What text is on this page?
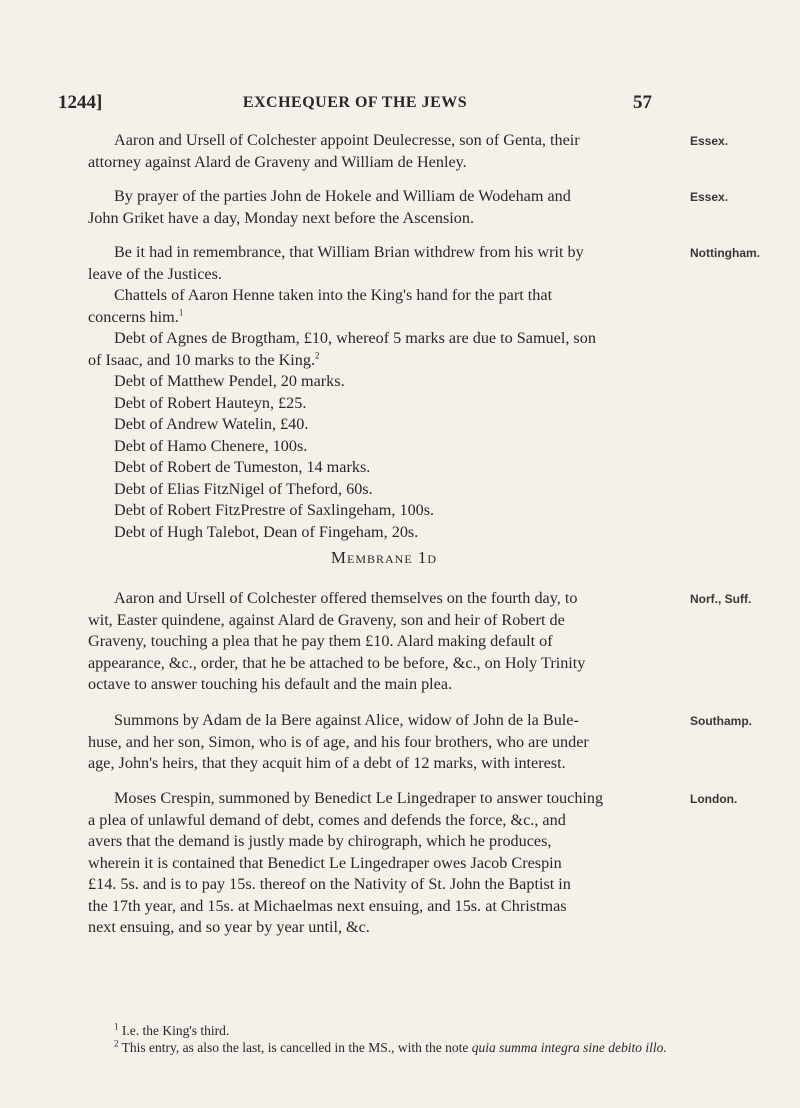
1244]	EXCHEQUER OF THE JEWS	57
Aaron and Ursell of Colchester appoint Deulecresse, son of Genta, their
attorney against Alard de Graveny and William de Henley.
Essex.
By prayer of the parties John de Hokele and William de Wodeham and
John Griket have a day, Monday next before the Ascension.
Essex.
Be it had in remembrance, that William Brian withdrew from his writ by
leave of the Justices.
Nottingham.
Chattels of Aaron Henne taken into the King's hand for the part that
concerns him.$^1$
Debt of Agnes de Brogtham, £10, whereof 5 marks are due to Samuel, son
of Isaac, and 10 marks to the King.$^2$
Debt of Matthew Pendel, 20 marks.
Debt of Robert Hauteyn, £25.
Debt of Andrew Watelin, £40.
Debt of Hamo Chenere, 100s.
Debt of Robert de Tumeston, 14 marks.
Debt of Elias FitzNigel of Theford, 60s.
Debt of Robert FitzPrestre of Saxlingeham, 100s.
Debt of Hugh Talebot, Dean of Fingeham, 20s.
Membrane 1d
Aaron and Ursell of Colchester offered themselves on the fourth day, to
wit, Easter quindene, against Alard de Graveny, son and heir of Robert de
Graveny, touching a plea that he pay them £10. Alard making default of
appearance, &c., order, that he be attached to be before, &c., on Holy Trinity
octave to answer touching his default and the main plea.
Norf., Suff.
Summons by Adam de la Bere against Alice, widow of John de la Bule-
huse, and her son, Simon, who is of age, and his four brothers, who are under
age, John's heirs, that they acquit him of a debt of 12 marks, with interest.
Southamp.
Moses Crespin, summoned by Benedict Le Lingedraper to answer touching
a plea of unlawful demand of debt, comes and defends the force, &c., and
avers that the demand is justly made by chirograph, which he produces,
wherein it is contained that Benedict Le Lingedraper owes Jacob Crespin
£14. 5s. and is to pay 15s. thereof on the Nativity of St. John the Baptist in
the 17th year, and 15s. at Michaelmas next ensuing, and 15s. at Christmas
next ensuing, and so year by year until, &c.
London.
$^1$ I.e. the King's third.
$^2$ This entry, as also the last, is cancelled in the MS., with the note quia summa integra sine debito illo.
